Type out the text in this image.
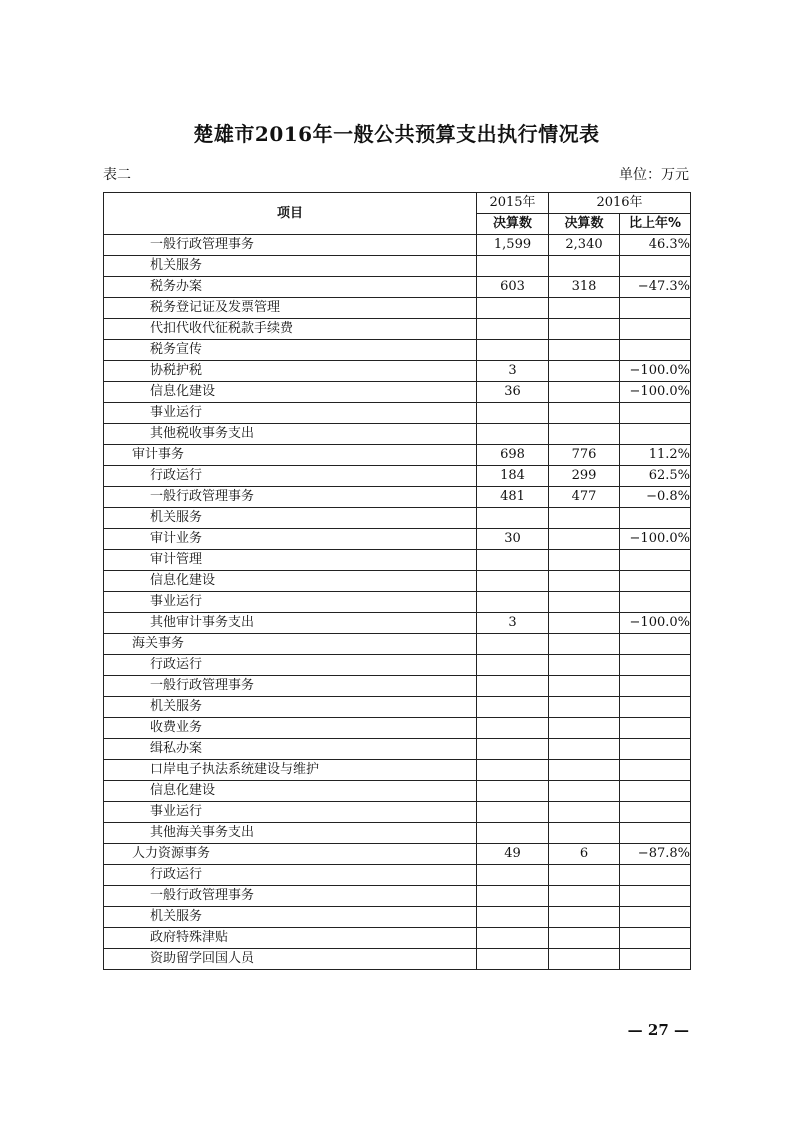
楚雄市2016年一般公共预算支出执行情况表
表二	单位：万元
项目	2015年	2016年	
	决算数	决算数	比上年%
一般行政管理事务	1,599	2,340	46.3%
机关服务			
税务办案	603	318	−47.3%
税务登记证及发票管理			
代扣代收代征税款手续费			
税务宣传			
协税护税	3		−100.0%
信息化建设	36		−100.0%
事业运行			
其他税收事务支出			
审计事务	698	776	11.2%
行政运行	184	299	62.5%
一般行政管理事务	481	477	−0.8%
机关服务			
审计业务	30		−100.0%
审计管理			
信息化建设			
事业运行			
其他审计事务支出	3		−100.0%
海关事务			
行政运行			
一般行政管理事务			
机关服务			
收费业务			
缉私办案			
口岸电子执法系统建设与维护			
信息化建设			
事业运行			
其他海关事务支出			
人力资源事务	49	6	−87.8%
行政运行			
一般行政管理事务			
机关服务			
政府特殊津贴			
资助留学回国人员			
— 27 —
